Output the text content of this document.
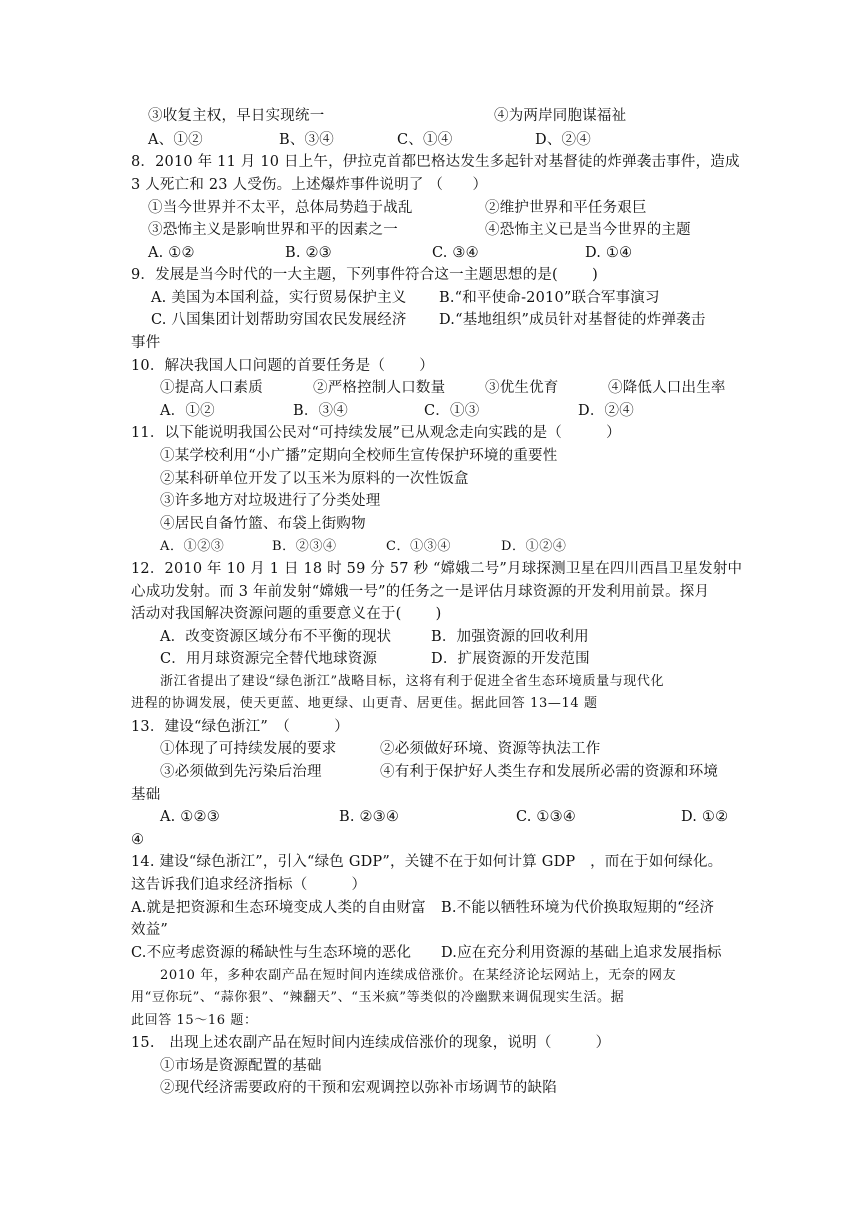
③收复主权，早日实现统一	④为两岸同胞谋福祉
A、①②	B、③④	C、①④	D、②④
8．2010 年 11 月 10 日上午，伊拉克首都巴格达发生多起针对基督徒的炸弹袭击事件，造成
3 人死亡和 23 人受伤。上述爆炸事件说明了 （　　）
①当今世界并不太平，总体局势趋于战乱	②维护世界和平任务艰巨
③恐怖主义是影响世界和平的因素之一	④恐怖主义已是当今世界的主题
A. ①②	B. ②③	C. ③④	D. ①④
9．发展是当今时代的一大主题，下列事件符合这一主题思想的是(　　 )
A. 美国为本国利益，实行贸易保护主义 B.“和平使命-2010”联合军事演习
C. 八国集团计划帮助穷国农民发展经济 D.“基地组织”成员针对基督徒的炸弹袭击
事件
10．解决我国人口问题的首要任务是（　　 ）
①提高人口素质	②严格控制人口数量	③优生优育	④降低人口出生率
A．①②	B．③④	C．①③	D．②④
11．以下能说明我国公民对“可持续发展”已从观念走向实践的是（　　　）
①某学校利用“小广播”定期向全校师生宣传保护环境的重要性
②某科研单位开发了以玉米为原料的一次性饭盒
③许多地方对垃圾进行了分类处理
④居民自备竹篮、布袋上街购物
A．①②③	B．②③④	C．①③④	D．①②④
12．2010 年 10 月 1 日 18 时 59 分 57 秒 “嫦娥二号”月球探测卫星在四川西昌卫星发射中
心成功发射。而 3 年前发射“嫦娥一号”的任务之一是评估月球资源的开发利用前景。探月
活动对我国解决资源问题的重要意义在于(　　 )
A．改变资源区域分布不平衡的现状	B．加强资源的回收利用
C．用月球资源完全替代地球资源	D．扩展资源的开发范围
浙江省提出了建设“绿色浙江”战略目标，这将有利于促进全省生态环境质量与现代化
进程的协调发展，使天更蓝、地更绿、山更青、居更佳。据此回答 13—14 题
13．建设“绿色浙江”　（　　　）
①体现了可持续发展的要求	②必须做好环境、资源等执法工作
③必须做到先污染后治理	④有利于保护好人类生存和发展所必需的资源和环境
基础
A. ①②③	B. ②③④	C. ①③④	D. ①②
④
14. 建设“绿色浙江”，引入“绿色 GDP”，关键不在于如何计算 GDP　，而在于如何绿化。
这告诉我们追求经济指标（　　　）
A.就是把资源和生态环境变成人类的自由财富 B.不能以牺牲环境为代价换取短期的“经济
效益”
C.不应考虑资源的稀缺性与生态环境的恶化 D.应在充分利用资源的基础上追求发展指标
2010 年，多种农副产品在短时间内连续成倍涨价。在某经济论坛网站上，无奈的网友
用“豆你玩”、“蒜你狠”、“辣翻天”、“玉米疯”等类似的冷幽默来调侃现实生活。据
此回答 15～16 题：
15.　出现上述农副产品在短时间内连续成倍涨价的现象，说明（　　　）
①市场是资源配置的基础
②现代经济需要政府的干预和宏观调控以弥补市场调节的缺陷
